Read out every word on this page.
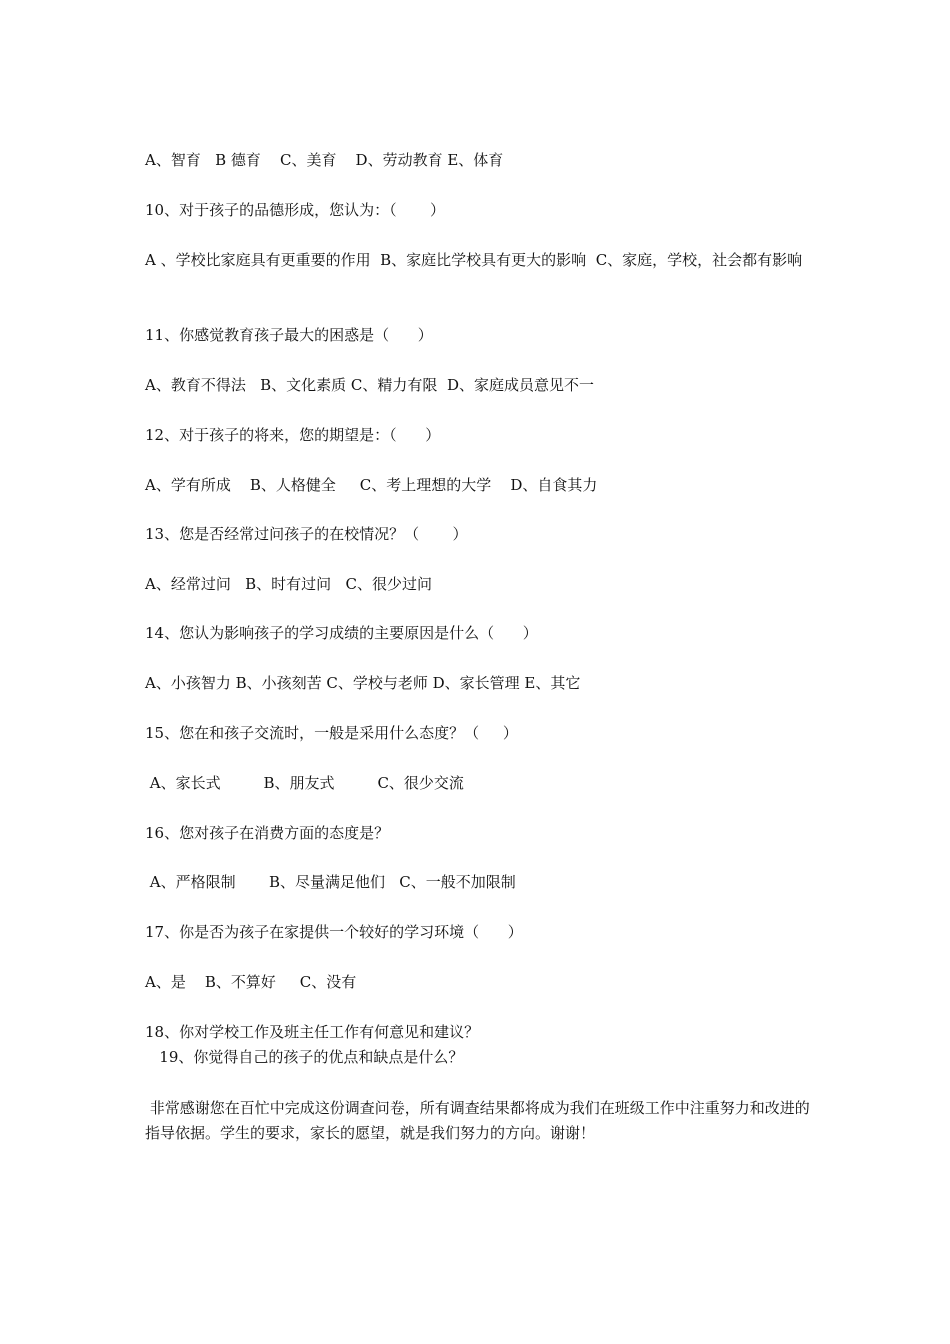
A、智育   B 德育    C、美育    D、劳动教育 E、体育
10、对于孩子的品德形成，您认为：（       ）
A 、学校比家庭具有更重要的作用  B、家庭比学校具有更大的影响  C、家庭，学校，社会都有影响
11、你感觉教育孩子最大的困惑是（      ）
A、教育不得法   B、文化素质 C、精力有限  D、家庭成员意见不一
12、对于孩子的将来，您的期望是：（      ）
A、学有所成    B、人格健全     C、考上理想的大学    D、自食其力
13、您是否经常过问孩子的在校情况？（       ）
A、经常过问   B、时有过问   C、很少过问
14、您认为影响孩子的学习成绩的主要原因是什么（      ）
A、小孩智力 B、小孩刻苦 C、学校与老师 D、家长管理 E、其它
15、您在和孩子交流时，一般是采用什么态度？（     ）
A、家长式         B、朋友式         C、很少交流
16、您对孩子在消费方面的态度是？
A、严格限制       B、尽量满足他们   C、一般不加限制
17、你是否为孩子在家提供一个较好的学习环境（      ）
A、是    B、不算好     C、没有
18、你对学校工作及班主任工作有何意见和建议？
19、你觉得自己的孩子的优点和缺点是什么？
非常感谢您在百忙中完成这份调查问卷，所有调查结果都将成为我们在班级工作中注重努力和改进的指导依据。学生的要求，家长的愿望，就是我们努力的方向。谢谢！
